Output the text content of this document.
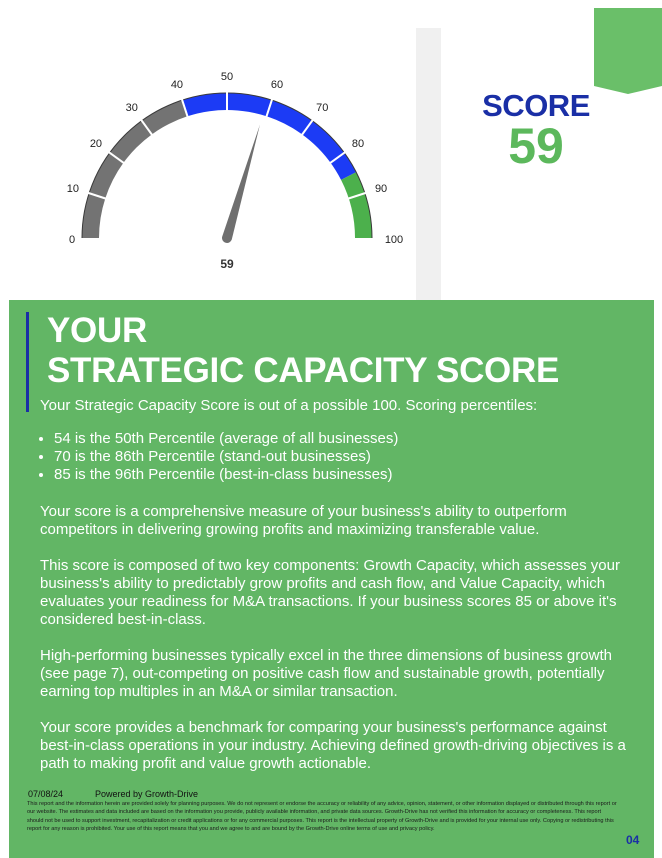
0
10
20
30
40
50
60
70
80
90
100
59
SCORE
59
YOUR
STRATEGIC CAPACITY SCORE
Your Strategic Capacity Score is out of a possible 100. Scoring percentiles:
• 54 is the 50th Percentile (average of all businesses)
• 70 is the 86th Percentile (stand-out businesses)
• 85 is the 96th Percentile (best-in-class businesses)

Your score is a comprehensive measure of your business's ability to outperform competitors in delivering growing profits and maximizing transferable value.

This score is composed of two key components: Growth Capacity, which assesses your business's ability to predictably grow profits and cash flow, and Value Capacity, which evaluates your readiness for M&A transactions. If your business scores 85 or above it's considered best-in-class.

High-performing businesses typically excel in the three dimensions of business growth (see page 7), out-competing on positive cash flow and sustainable growth, potentially earning top multiples in an M&A or similar transaction.

Your score provides a benchmark for comparing your business's performance against best-in-class operations in your industry. Achieving defined growth-driving objectives is a path to making profit and value growth actionable.

07/08/24	Powered by Growth-Drive

This report and the information herein are provided solely for planning purposes. We do not represent or endorse the accuracy or reliability of any advice, opinion, statement, or other information displayed or distributed through this report or our website. The estimates and data included are based on the information you provide, publicly available information, and private data sources. Growth-Drive has not verified this information for accuracy or completeness. This report should not be used to support investment, recapitalization or credit applications or for any commercial purposes. This report is the intellectual property of Growth-Drive and is provided for your internal use only. Copying or redistributing this report for any reason is prohibited. Your use of this report means that you and we agree to and are bound by the Growth-Drive online terms of use and privacy policy.

04
